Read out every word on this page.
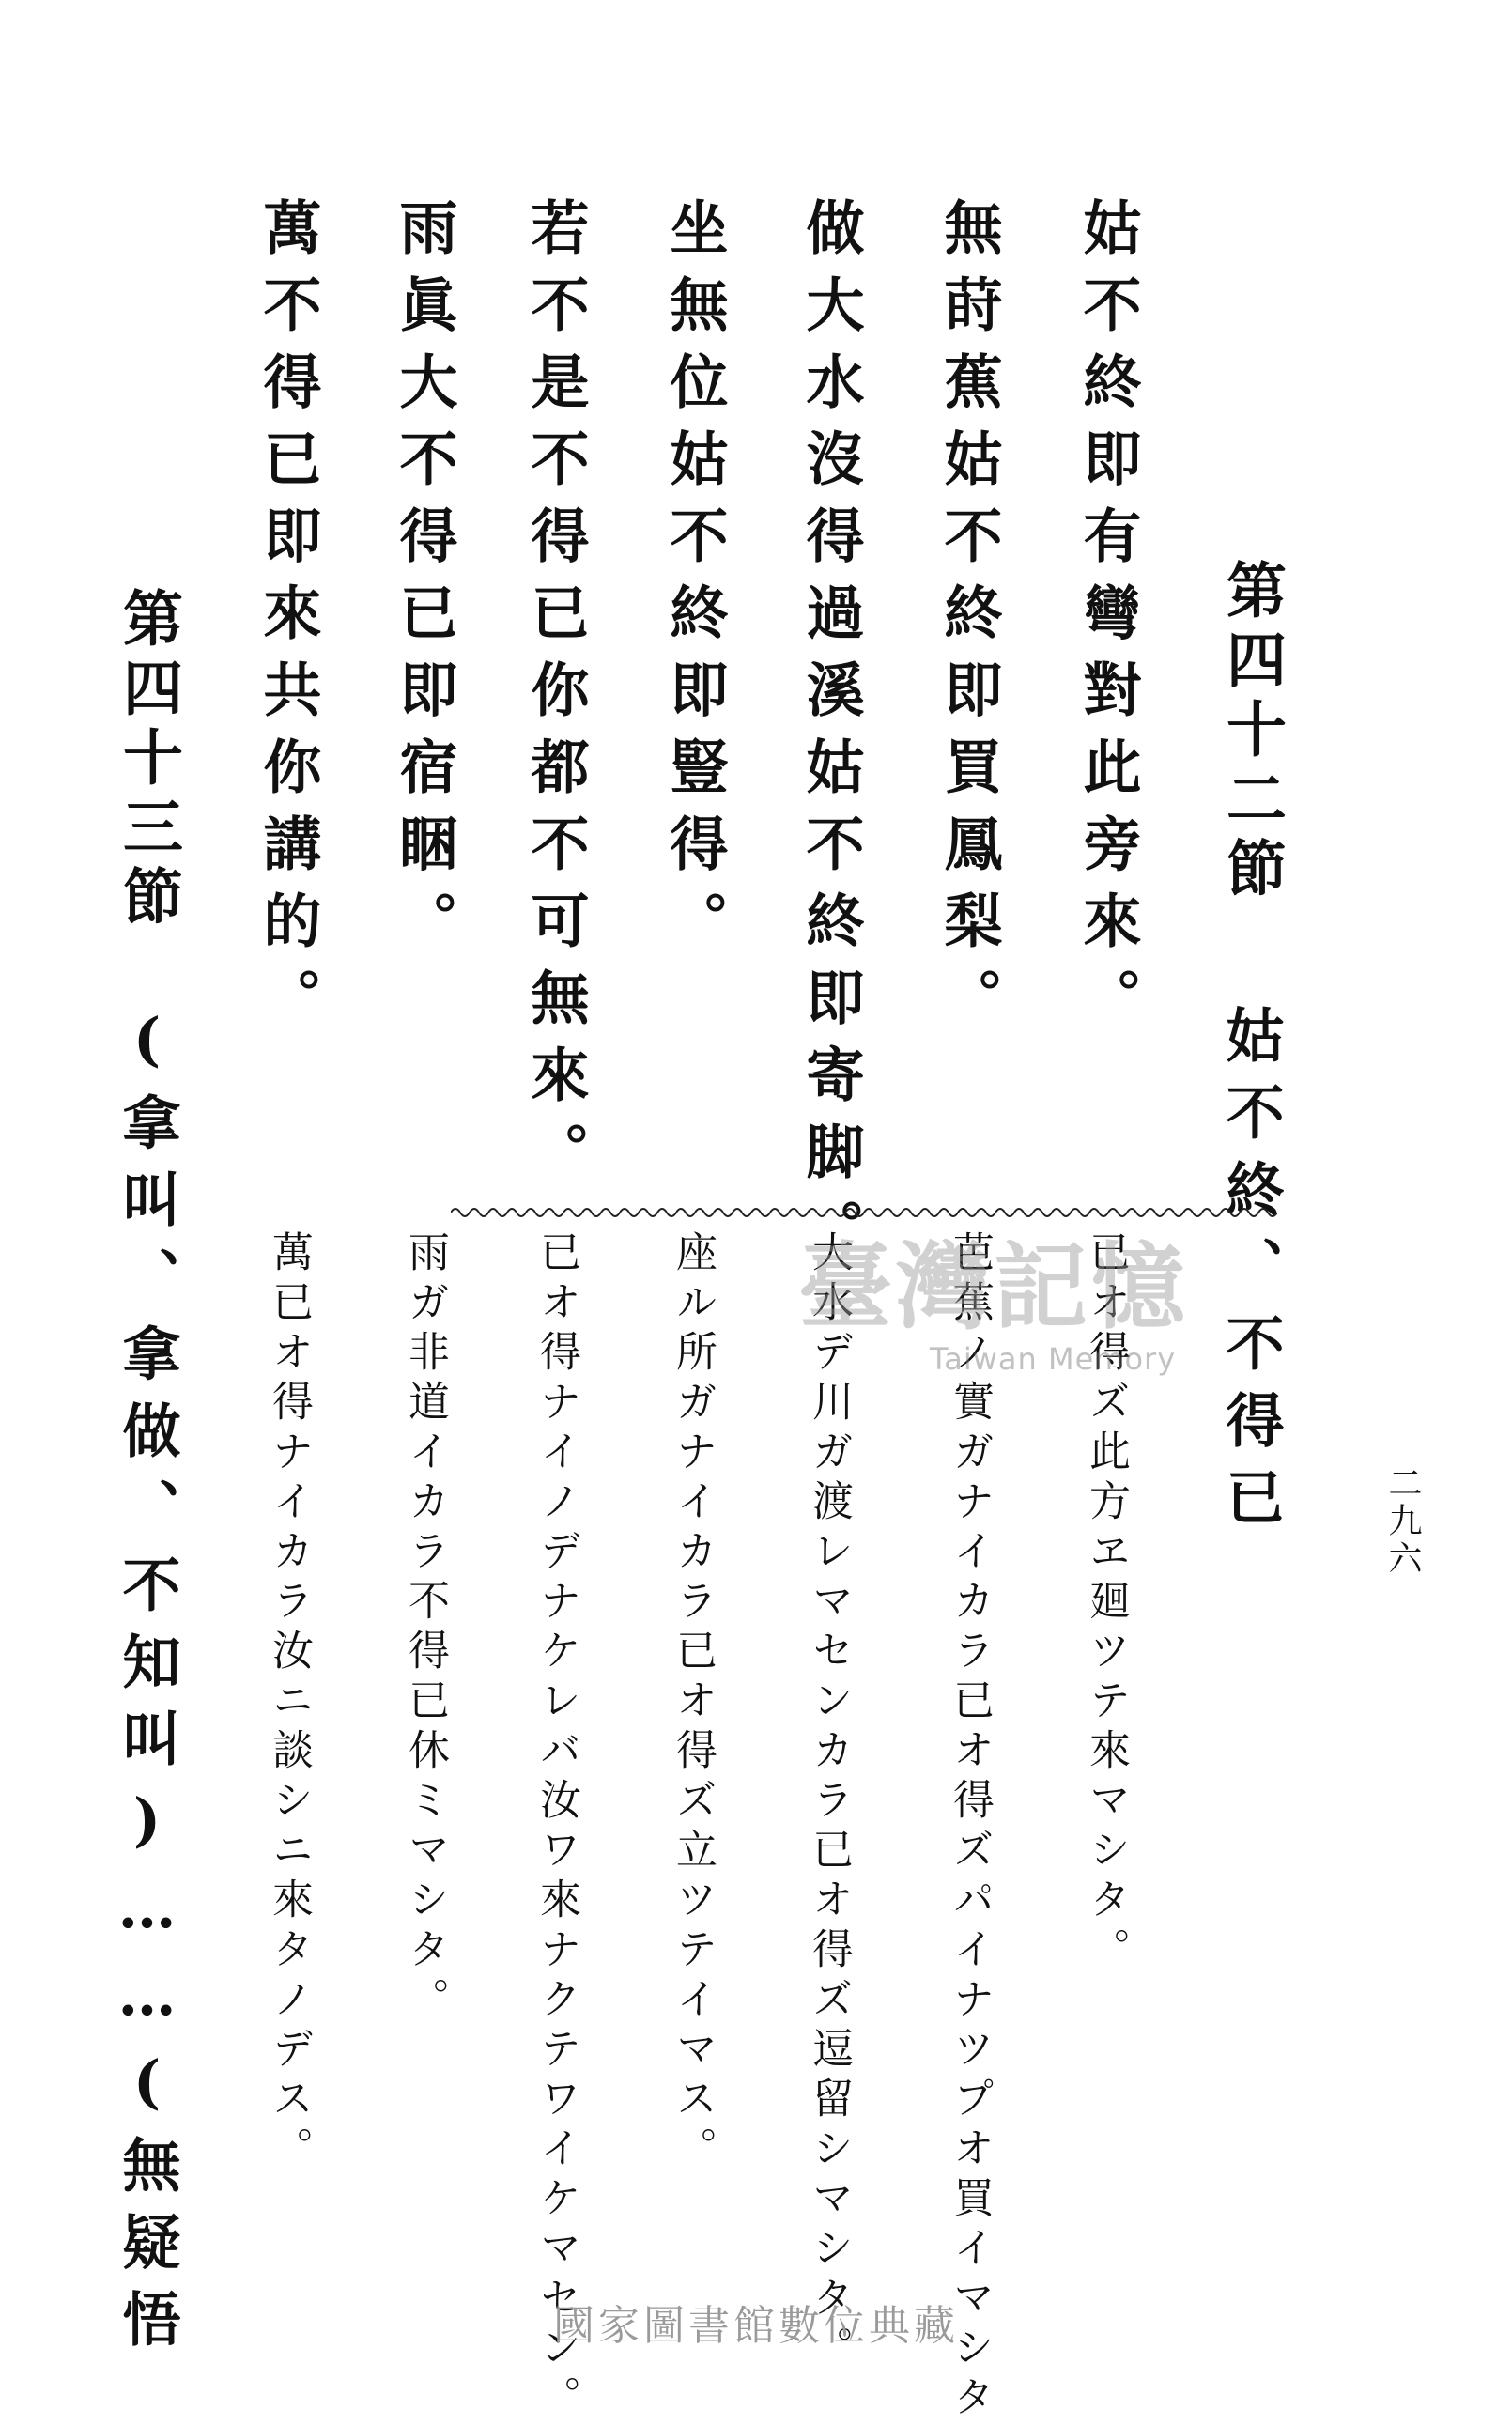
第四十二節
姑不終、不得已
姑不終即有彎對此旁來。
無莳蕉姑不終即買鳳梨。
做大水沒得過溪姑不終即寄脚。
坐無位姑不終即豎得。
若不是不得已你都不可無來。
雨眞大不得已即宿睏。
萬不得已即來共你講的。
第四十三節
(拿叫、拿做、不知叫)……(無疑悟	已オ得ズ此方ヱ廻ツテ來マシタ。
芭蕉ノ實ガナイカラ已オ得ズパイナツプオ買イマシタ
大水デ川ガ渡レマセンカラ已オ得ズ逗留シマシタ。
座ル所ガナイカラ已オ得ズ立ツテイマス。
已オ得ナイノデナケレバ汝ワ來ナクテワイケマセン。
雨ガ非道イカラ不得已休ミマシタ。
萬已オ得ナイカラ汝ニ談シニ來タノデス。	二九六
臺灣記憶
Taiwan Memory
國家圖書館數位典藏
